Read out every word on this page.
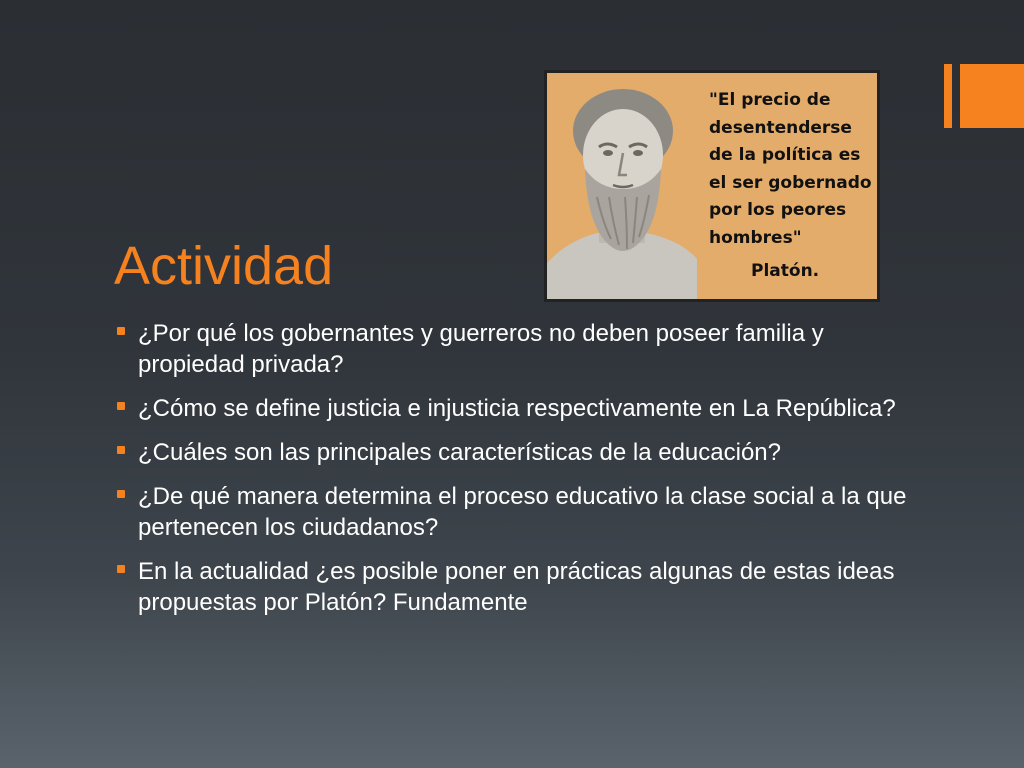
"El precio de
desentenderse
de la política es
el ser gobernado
por los peores
hombres"
Platón.
Actividad
¿Por qué los gobernantes y guerreros no deben poseer familia y propiedad privada?
¿Cómo se define justicia e injusticia respectivamente en La República?
¿Cuáles son las principales características de la educación?
¿De qué manera determina el proceso educativo la clase social a la que pertenecen los ciudadanos?
En la actualidad ¿es posible poner en prácticas algunas de estas ideas propuestas por Platón? Fundamente
